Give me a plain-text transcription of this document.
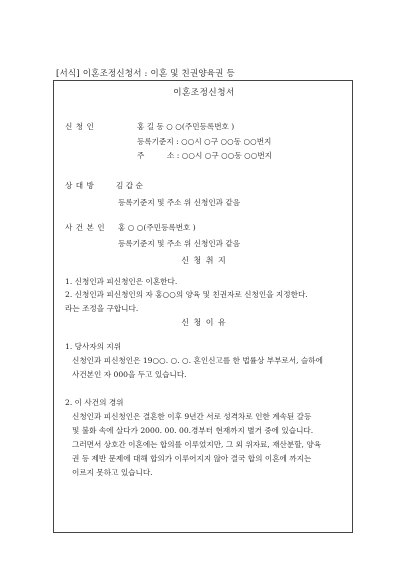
[서식] 이혼조정신청서 : 이혼 및 친권양육권 등
이혼조정신청서
신 청 인	홍 길 동 ○ ○(주민등록번호 )
등록기준지 : ○○시 ○구 ○○동 ○○번지
주	소 : ○○시 ○구 ○○동 ○○번지
상 대 방	김 갑 순
등록기준지 및 주소 위 신청인과 같음
사 건 본 인 홍 ○ ○(주민등록번호 )
등록기준지 및 주소 위 신청인과 같음
신 청 취 지
1. 신청인과 피신청인은 이혼한다.
2. 신청인과 피신청인의 자 홍○○의 양육 및 친권자로 신청인을 지정한다.
라는 조정을 구합니다.
신 청 이 유
1. 당사자의 지위
신청인과 피신청인은 19○○. ○. ○. 혼인신고를 한 법률상 부부로서, 슬하에
사건본인 자 000을 두고 있습니다.
2. 이 사건의 경위
신청인과 피신청인은 결혼한 이후 9년간 서로 성격차로 인한 계속된 갈등
및 불화 속에 살다가 2000. 00. 00.경부터 현재까지 별거 중에 있습니다.
그러면서 상호간 이혼에는 합의를 이루었지만, 그 외 위자료, 재산분할, 양육
권 등 제반 문제에 대해 합의가 이루어지지 않아 결국 합의 이혼에 까지는
이르지 못하고 있습니다.
